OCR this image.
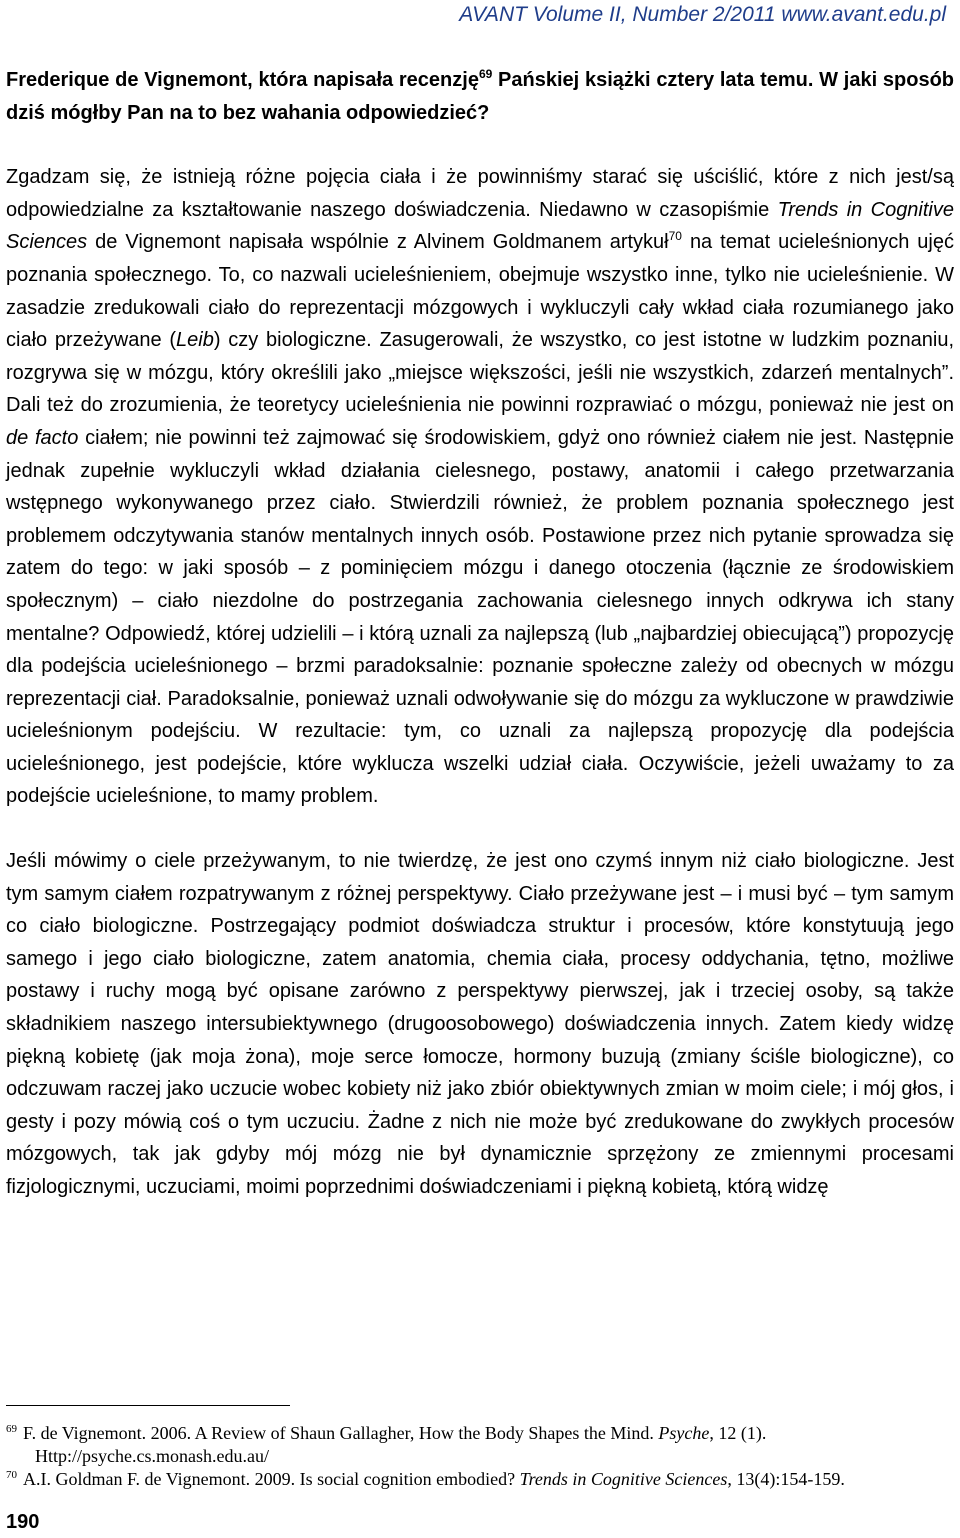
AVANT Volume II, Number 2/2011 www.avant.edu.pl

Frederique de Vignemont, która napisała recenzję$^{69}$ Pańskiej książki cztery lata temu. W jaki sposób dziś mógłby Pan na to bez wahania odpowiedzieć?

Zgadzam się, że istnieją różne pojęcia ciała i że powinniśmy starać się uściślić, które z nich jest/są odpowiedzialne za kształtowanie naszego doświadczenia. Niedawno w czasopiśmie Trends in Cognitive Sciences de Vignemont napisała wspólnie z Alvinem Goldmanem artykuł$^{70}$ na temat ucieleśnionych ujęć poznania społecznego. To, co nazwali ucieleśnieniem, obejmuje wszystko inne, tylko nie ucieleśnienie. W zasadzie zredukowali ciało do reprezentacji mózgowych i wykluczyli cały wkład ciała rozumianego jako ciało przeżywane (Leib) czy biologiczne. Zasugerowali, że wszystko, co jest istotne w ludzkim poznaniu, rozgrywa się w mózgu, który określili jako „miejsce większości, jeśli nie wszystkich, zdarzeń mentalnych”. Dali też do zrozumienia, że teoretycy ucieleśnienia nie powinni rozprawiać o mózgu, ponieważ nie jest on de facto ciałem; nie powinni też zajmować się środowiskiem, gdyż ono również ciałem nie jest. Następnie jednak zupełnie wykluczyli wkład działania cielesnego, postawy, anatomii i całego przetwarzania wstępnego wykonywanego przez ciało. Stwierdzili również, że problem poznania społecznego jest problemem odczytywania stanów mentalnych innych osób. Postawione przez nich pytanie sprowadza się zatem do tego: w jaki sposób – z pominięciem mózgu i danego otoczenia (łącznie ze środowiskiem społecznym) – ciało niezdolne do postrzegania zachowania cielesnego innych odkrywa ich stany mentalne? Odpowiedź, której udzielili – i którą uznali za najlepszą (lub „najbardziej obiecującą”) propozycję dla podejścia ucieleśnionego – brzmi paradoksalnie: poznanie społeczne zależy od obecnych w mózgu reprezentacji ciał. Paradoksalnie, ponieważ uznali odwoływanie się do mózgu za wykluczone w prawdziwie ucieleśnionym podejściu. W rezultacie: tym, co uznali za najlepszą propozycję dla podejścia ucieleśnionego, jest podejście, które wyklucza wszelki udział ciała. Oczywiście, jeżeli uważamy to za podejście ucieleśnione, to mamy problem.

Jeśli mówimy o ciele przeżywanym, to nie twierdzę, że jest ono czymś innym niż ciało biologiczne. Jest tym samym ciałem rozpatrywanym z różnej perspektywy. Ciało przeżywane jest – i musi być – tym samym co ciało biologiczne. Postrzegający podmiot doświadcza struktur i procesów, które konstytuują jego samego i jego ciało biologiczne, zatem anatomia, chemia ciała, procesy oddychania, tętno, możliwe postawy i ruchy mogą być opisane zarówno z perspektywy pierwszej, jak i trzeciej osoby, są także składnikiem naszego intersubiektywnego (drugoosobowego) doświadczenia innych. Zatem kiedy widzę piękną kobietę (jak moja żona), moje serce łomocze, hormony buzują (zmiany ściśle biologiczne), co odczuwam raczej jako uczucie wobec kobiety niż jako zbiór obiektywnych zmian w moim ciele; i mój głos, i gesty i pozy mówią coś o tym uczuciu. Żadne z nich nie może być zredukowane do zwykłych procesów mózgowych, tak jak gdyby mój mózg nie był dynamicznie sprzężony ze zmiennymi procesami fizjologicznymi, uczuciami, moimi poprzednimi doświadczeniami i piękną kobietą, którą widzę

$^{69}$ F. de Vignemont. 2006. A Review of Shaun Gallagher, How the Body Shapes the Mind. Psyche, 12 (1).

Http://psyche.cs.monash.edu.au/

$^{70}$ A.I. Goldman F. de Vignemont. 2009. Is social cognition embodied? Trends in Cognitive Sciences, 13(4):154-159.

190
